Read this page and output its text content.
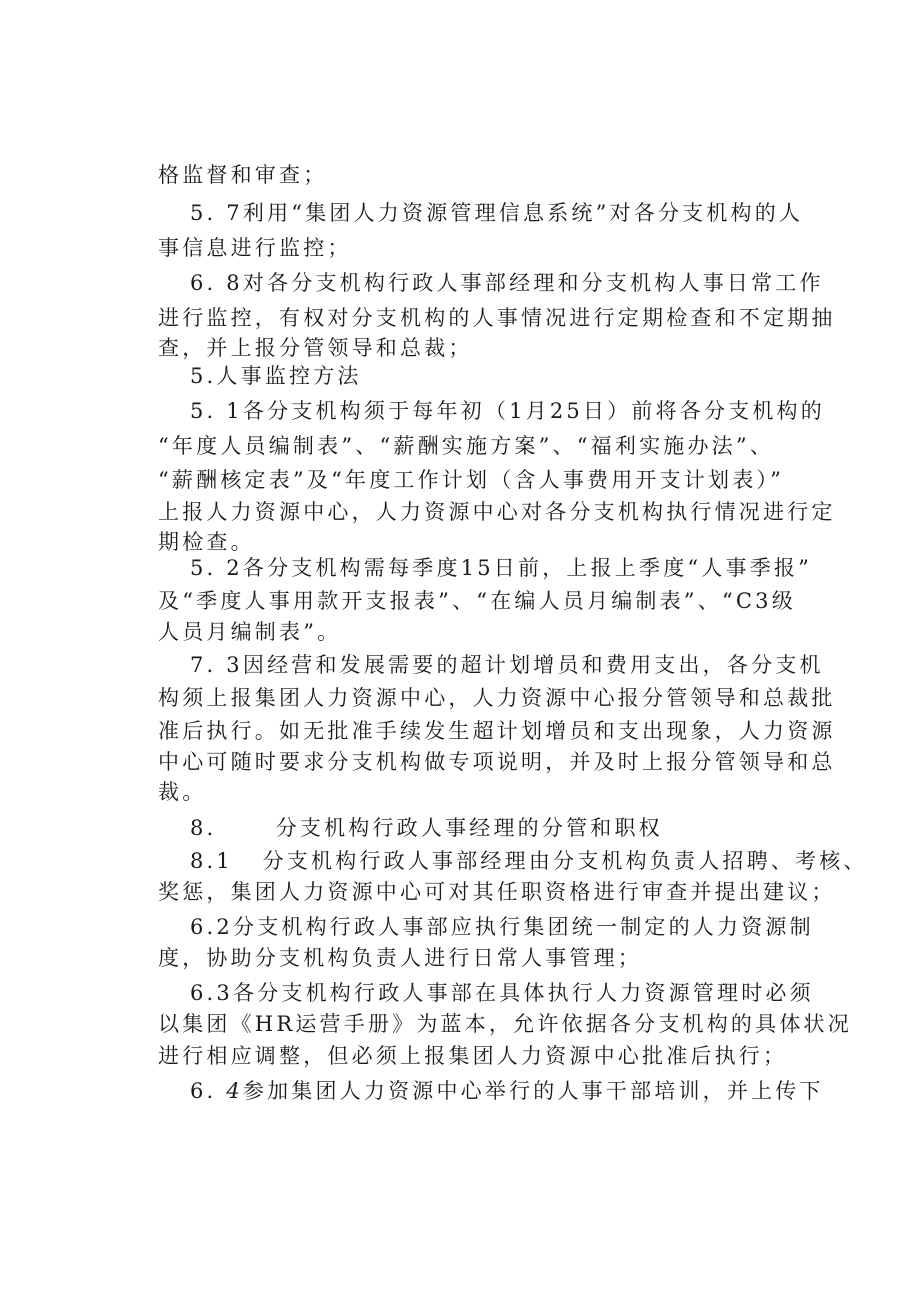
格监督和审查；
5. 7利用“集团人力资源管理信息系统”对各分支机构的人
事信息进行监控；
6. 8对各分支机构行政人事部经理和分支机构人事日常工作
进行监控，有权对分支机构的人事情况进行定期检查和不定期抽
查，并上报分管领导和总裁；
5.人事监控方法
5. 1各分支机构须于每年初（1月25日）前将各分支机构的
“年度人员编制表”、“薪酬实施方案”、“福利实施办法”、
“薪酬核定表”及“年度工作计划（含人事费用开支计划表）”
上报人力资源中心，人力资源中心对各分支机构执行情况进行定
期检查。
5. 2各分支机构需每季度15日前，上报上季度“人事季报”
及“季度人事用款开支报表”、“在编人员月编制表”、“C3级
人员月编制表”。
7. 3因经营和发展需要的超计划增员和费用支出，各分支机
构须上报集团人力资源中心，人力资源中心报分管领导和总裁批
准后执行。如无批准手续发生超计划增员和支出现象，人力资源
中心可随时要求分支机构做专项说明，并及时上报分管领导和总
裁。
8.      分支机构行政人事经理的分管和职权
8.1   分支机构行政人事部经理由分支机构负责人招聘、考核、
奖惩，集团人力资源中心可对其任职资格进行审查并提出建议；
6.2分支机构行政人事部应执行集团统一制定的人力资源制
度，协助分支机构负责人进行日常人事管理；
6.3各分支机构行政人事部在具体执行人力资源管理时必须
以集团《HR运营手册》为蓝本，允许依据各分支机构的具体状况
进行相应调整，但必须上报集团人力资源中心批准后执行；
6. 4参加集团人力资源中心举行的人事干部培训，并上传下
